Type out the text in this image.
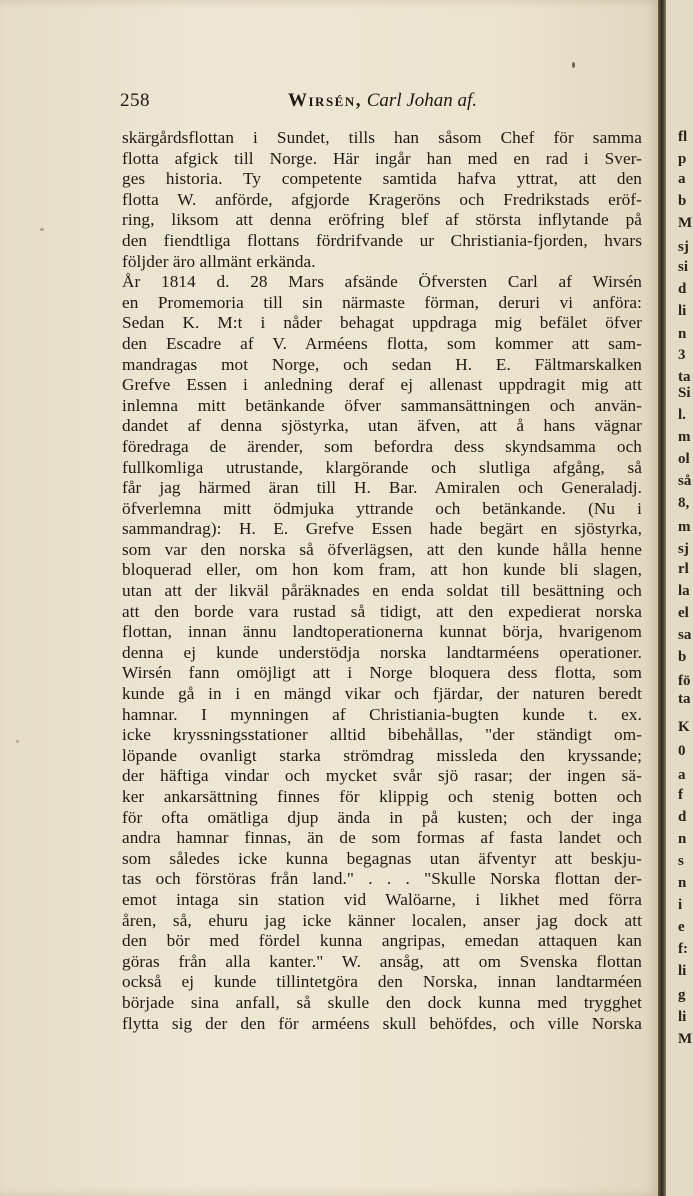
258	Wirsén, Carl Johan af.
skärgårdsflottan i Sundet, tills han såsom Chef för samma
flotta afgick till Norge. Här ingår han med en rad i Sver-
ges historia. Ty competente samtida hafva yttrat, att den
flotta W. anförde, afgjorde Krageröns och Fredrikstads eröf-
ring, liksom att denna eröfring blef af största inflytande på
den fiendtliga flottans fördrifvande ur Christiania-fjorden, hvars
följder äro allmänt erkända.
År 1814 d. 28 Mars afsände Öfversten Carl af Wirsén
en Promemoria till sin närmaste förman, deruri vi anföra:
Sedan K. M:t i nåder behagat uppdraga mig befälet öfver
den Escadre af V. Arméens flotta, som kommer att sam-
mandragas mot Norge, och sedan H. E. Fältmarskalken
Grefve Essen i anledning deraf ej allenast uppdragit mig att
inlemna mitt betänkande öfver sammansättningen och använ-
dandet af denna sjöstyrka, utan äfven, att å hans vägnar
föredraga de ärender, som befordra dess skyndsamma och
fullkomliga utrustande, klargörande och slutliga afgång, så
får jag härmed äran till H. Bar. Amiralen och Generaladj.
öfverlemna mitt ödmjuka yttrande och betänkande. (Nu i
sammandrag): H. E. Grefve Essen hade begärt en sjöstyrka,
som var den norska så öfverlägsen, att den kunde hålla henne
bloquerad eller, om hon kom fram, att hon kunde bli slagen,
utan att der likväl påräknades en enda soldat till besättning och
att den borde vara rustad så tidigt, att den expedierat norska
flottan, innan ännu landtoperationerna kunnat börja, hvarigenom
denna ej kunde understödja norska landtarméens operationer.
Wirsén fann omöjligt att i Norge bloquera dess flotta, som
kunde gå in i en mängd vikar och fjärdar, der naturen beredt
hamnar. I mynningen af Christiania-bugten kunde t. ex.
icke kryssningsstationer alltid bibehållas, "der ständigt om-
löpande ovanligt starka strömdrag missleda den kryssande;
der häftiga vindar och mycket svår sjö rasar; der ingen sä-
ker ankarsättning finnes för klippig och stenig botten och
för ofta omätliga djup ända in på kusten; och der inga
andra hamnar finnas, än de som formas af fasta landet och
som således icke kunna begagnas utan äfventyr att beskju-
tas och förstöras från land." . . . "Skulle Norska flottan der-
emot intaga sin station vid Walöarne, i likhet med förra
åren, så, ehuru jag icke känner localen, anser jag dock att
den bör med fördel kunna angripas, emedan attaquen kan
göras från alla kanter." W. ansåg, att om Svenska flottan
också ej kunde tillintetgöra den Norska, innan landtarméen
började sina anfall, så skulle den dock kunna med trygghet
flytta sig der den för arméens skull behöfdes, och ville Norska
fl
p
a
b
M
sj
si
d
li
n
3
ta
Si
l.
m
ol
så
8,
m
sj
rl
la
el
sa
b
fö
ta
K
0
a
f
d
n
s
n
i
e
f:
li
g
li
M
